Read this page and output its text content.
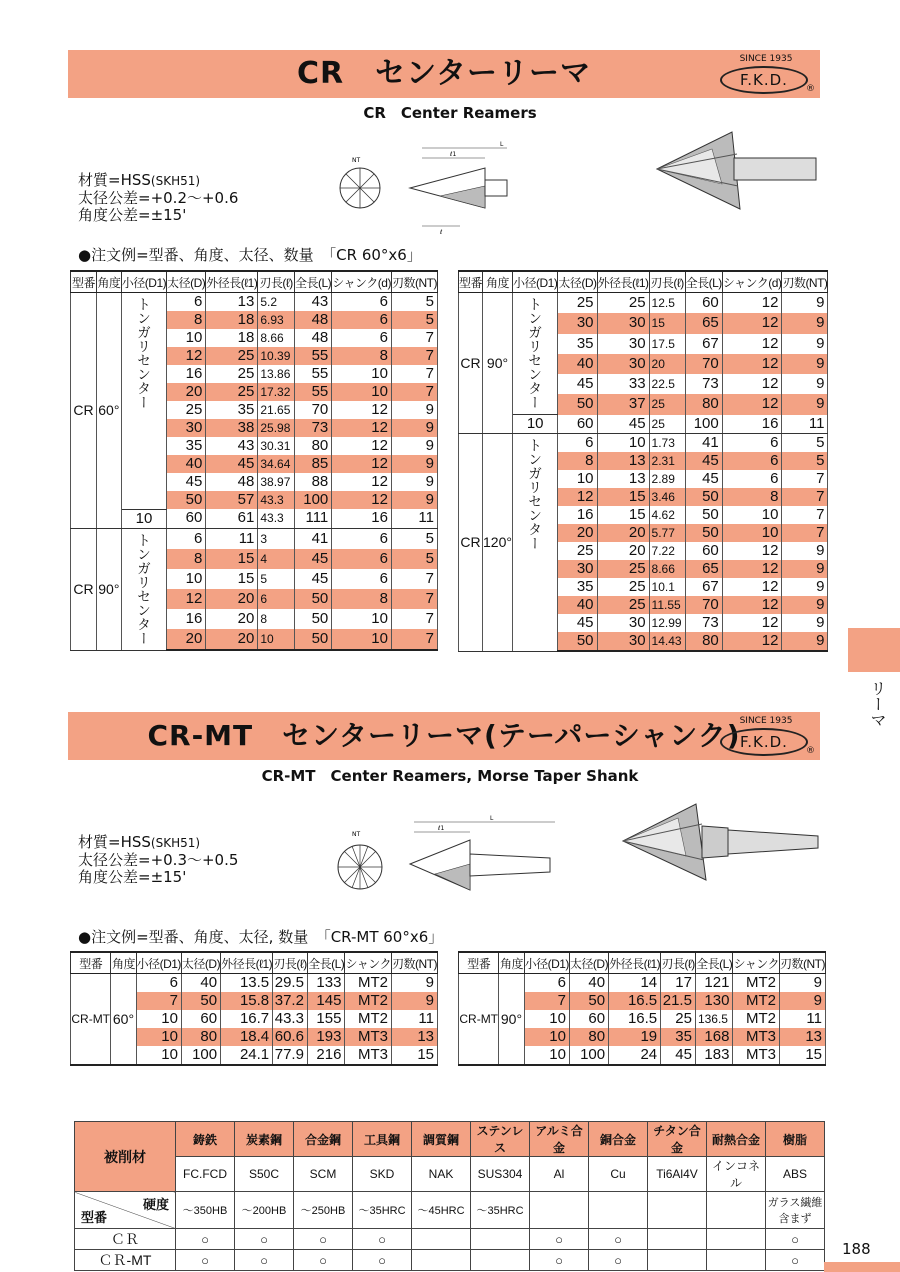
CR　センターリーマ	SINCE 1935
F.K.D.	®
CR　Center Reamers
材質=HSS(SKH51)
太径公差=+0.2～+0.6
角度公差=±15'
NT
L
ℓ1
ℓ
●注文例=型番、角度、太径、数量　「CR 60°x6」
型番	角度	小径(D1)	太径(D)	外径長(ℓ1)	刃長(ℓ)	全長(L)	シャンク(d)	刃数(NT)
CR	60°	トンガリセンター	6	13	5.2	43	6	5
			8	18	6.93	48	6	5
			10	18	8.66	48	6	7
			12	25	10.39	55	8	7
			16	25	13.86	55	10	7
			20	25	17.32	55	10	7
			25	35	21.65	70	12	9
			30	38	25.98	73	12	9
			35	43	30.31	80	12	9
			40	45	34.64	85	12	9
			45	48	38.97	88	12	9
			50	57	43.3	100	12	9
		10	60	61	43.3	111	16	11
CR	90°	トンガリセンター	6	11	3	41	6	5
			8	15	4	45	6	5
			10	15	5	45	6	7
			12	20	6	50	8	7
			16	20	8	50	10	7
			20	20	10	50	10	7
型番	角度	小径(D1)	太径(D)	外径長(ℓ1)	刃長(ℓ)	全長(L)	シャンク(d)	刃数(NT)
CR	90°	トンガリセンター	25	25	12.5	60	12	9
			30	30	15	65	12	9
			35	30	17.5	67	12	9
			40	30	20	70	12	9
			45	33	22.5	73	12	9
			50	37	25	80	12	9
		10	60	45	25	100	16	11
CR	120°	トンガリセンター	6	10	1.73	41	6	5
			8	13	2.31	45	6	5
			10	13	2.89	45	6	7
			12	15	3.46	50	8	7
			16	15	4.62	50	10	7
			20	20	5.77	50	10	7
			25	20	7.22	60	12	9
			30	25	8.66	65	12	9
			35	25	10.1	67	12	9
			40	25	11.55	70	12	9
			45	30	12.99	73	12	9
			50	30	14.43	80	12	9
リーマ
CR-MT　センターリーマ(テーパーシャンク) SINCE 1935
F.K.D.	®
CR-MT　Center Reamers, Morse Taper Shank
材質=HSS(SKH51)
太径公差=+0.3～+0.5
角度公差=±15'
NT
L
ℓ1
●注文例=型番、角度、太径, 数量　「CR-MT 60°x6」
型番	角度	小径(D1)	太径(D)	外径長(ℓ1)	刃長(ℓ)	全長(L)	シャンク	刃数(NT)
CR-MT	60°	6	40	13.5	29.5	133	MT2	9
		7	50	15.8	37.2	145	MT2	9
		10	60	16.7	43.3	155	MT2	11
		10	80	18.4	60.6	193	MT3	13
		10	100	24.1	77.9	216	MT3	15
型番	角度	小径(D1)	太径(D)	外径長(ℓ1)	刃長(ℓ)	全長(L)	シャンク	刃数(NT)
CR-MT	90°	6	40	14	17	121	MT2	9
		7	50	16.5	21.5	130	MT2	9
		10	60	16.5	25	136.5	MT2	11
		10	80	19	35	168	MT3	13
		10	100	24	45	183	MT3	15
被削材	鋳鉄	炭素鋼	合金鋼	工具鋼	調質鋼	ステンレス	アルミ合金	銅合金	チタン合金	耐熱合金	樹脂
	FC.FCD	S50C	SCM	SKD	NAK	SUS304	Al	Cu	Ti6Al4V	インコネル	ABS

硬度
型番	～350HB	～200HB	～250HB	～35HRC	～45HRC	～35HRC					ガラス繊維含まず
ＣＲ	○	○	○	○			○	○			○
ＣＲ-MT	○	○	○	○			○	○			○
188
